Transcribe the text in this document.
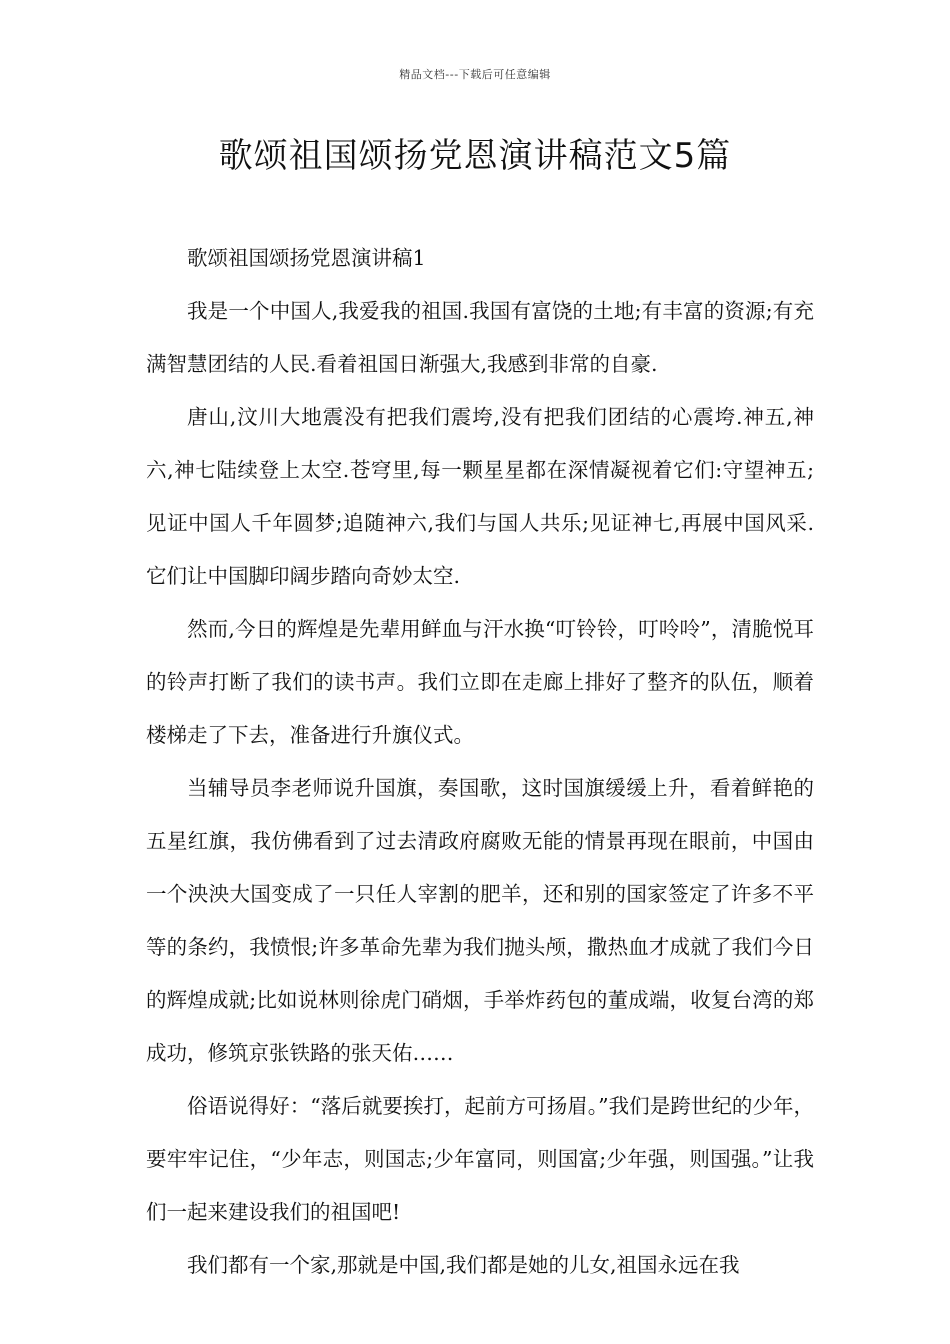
精品文档---下载后可任意编辑
歌颂祖国颂扬党恩演讲稿范文5篇

歌颂祖国颂扬党恩演讲稿1

我是一个中国人,我爱我的祖国.我国有富饶的土地;有丰富的资源;有充满智慧团结的人民.看着祖国日渐强大,我感到非常的自豪.

唐山,汶川大地震没有把我们震垮,没有把我们团结的心震垮.神五,神六,神七陆续登上太空.苍穹里,每一颗星星都在深情凝视着它们:守望神五;见证中国人千年圆梦;追随神六,我们与国人共乐;见证神七,再展中国风采.它们让中国脚印阔步踏向奇妙太空.

然而,今日的辉煌是先辈用鲜血与汗水换“叮铃铃，叮呤呤”，清脆悦耳的铃声打断了我们的读书声。我们立即在走廊上排好了整齐的队伍，顺着楼梯走了下去，准备进行升旗仪式。

当辅导员李老师说升国旗，奏国歌，这时国旗缓缓上升，看着鲜艳的五星红旗，我仿佛看到了过去清政府腐败无能的情景再现在眼前，中国由一个泱泱大国变成了一只任人宰割的肥羊，还和别的国家签定了许多不平等的条约，我愤恨;许多革命先辈为我们抛头颅，撒热血才成就了我们今日的辉煌成就;比如说林则徐虎门硝烟，手举炸药包的董成端，收复台湾的郑成功，修筑京张铁路的张天佑……

俗语说得好：“落后就要挨打，起前方可扬眉。”我们是跨世纪的少年，要牢牢记住，“少年志，则国志;少年富同，则国富;少年强，则国强。”让我们一起来建设我们的祖国吧!

我们都有一个家,那就是中国,我们都是她的儿女,祖国永远在我
